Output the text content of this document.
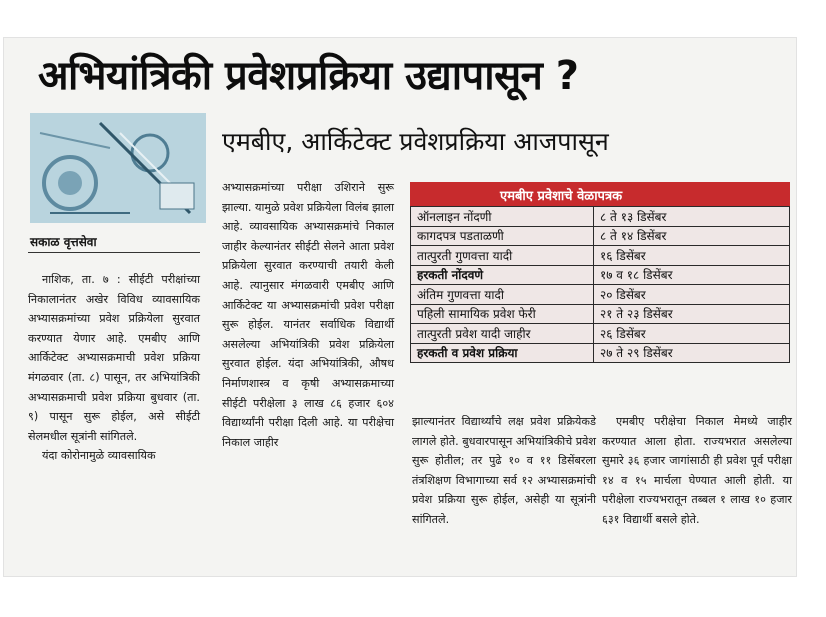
अभियांत्रिकी प्रवेशप्रक्रिया उद्यापासून ?
एमबीए, आर्किटेक्ट प्रवेशप्रक्रिया आजपासून
सकाळ वृत्तसेवा

नाशिक, ता. ७ : सीईटी परीक्षांच्या निकालानंतर अखेर विविध व्यावसायिक अभ्यासक्रमांच्या प्रवेश प्रक्रियेला सुरवात करण्यात येणार आहे. एमबीए आणि आर्किटेक्ट अभ्यासक्रमाची प्रवेश प्रक्रिया मंगळवार (ता. ८) पासून, तर अभियांत्रिकी अभ्यासक्रमाची प्रवेश प्रक्रिया बुधवार (ता. ९) पासून सुरू होईल, असे सीईटी सेलमधील सूत्रांनी सांगितले.

यंदा कोरोनामुळे व्यावसायिक

अभ्यासक्रमांच्या परीक्षा उशिराने सुरू झाल्या. यामुळे प्रवेश प्रक्रियेला विलंब झाला आहे. व्यावसायिक अभ्यासक्रमांचे निकाल जाहीर केल्यानंतर सीईटी सेलने आता प्रवेश प्रक्रियेला सुरवात करण्याची तयारी केली आहे. त्यानुसार मंगळवारी एमबीए आणि आर्किटेक्ट या अभ्यासक्रमांची प्रवेश परीक्षा सुरू होईल. यानंतर सर्वाधिक विद्यार्थी असलेल्या अभियांत्रिकी प्रवेश प्रक्रियेला सुरवात होईल. यंदा अभियांत्रिकी, औषध निर्माणशास्त्र व कृषी अभ्यासक्रमाच्या सीईटी परीक्षेला ३ लाख ८६ हजार ६०४ विद्यार्थ्यांनी परीक्षा दिली आहे. या परीक्षेचा निकाल जाहीर

एमबीए प्रवेशाचे वेळापत्रक
ऑनलाइन नोंदणी	८ ते १३ डिसेंबर
कागदपत्र पडताळणी	८ ते १४ डिसेंबर
तात्पुरती गुणवत्ता यादी	१६ डिसेंबर
हरकती नोंदवणे	१७ व १८ डिसेंबर
अंतिम गुणवत्ता यादी	२० डिसेंबर
पहिली सामायिक प्रवेश फेरी	२१ ते २३ डिसेंबर
तात्पुरती प्रवेश यादी जाहीर	२६ डिसेंबर
हरकती व प्रवेश प्रक्रिया	२७ ते २९ डिसेंबर

झाल्यानंतर विद्यार्थ्यांचे लक्ष प्रवेश प्रक्रियेकडे लागले होते. बुधवारपासून अभियांत्रिकीचे प्रवेश सुरू होतील; तर पुढे १० व ११ डिसेंबरला तंत्रशिक्षण विभागाच्या सर्व १२ अभ्यासक्रमांची प्रवेश प्रक्रिया सुरू होईल, असेही या सूत्रांनी सांगितले.

एमबीए परीक्षेचा निकाल मेमध्ये जाहीर करण्यात आला होता. राज्यभरात असलेल्या सुमारे ३६ हजार जागांसाठी ही प्रवेश पूर्व परीक्षा १४ व १५ मार्चला घेण्यात आली होती. या परीक्षेला राज्यभरातून तब्बल १ लाख १० हजार ६३१ विद्यार्थी बसले होते.
